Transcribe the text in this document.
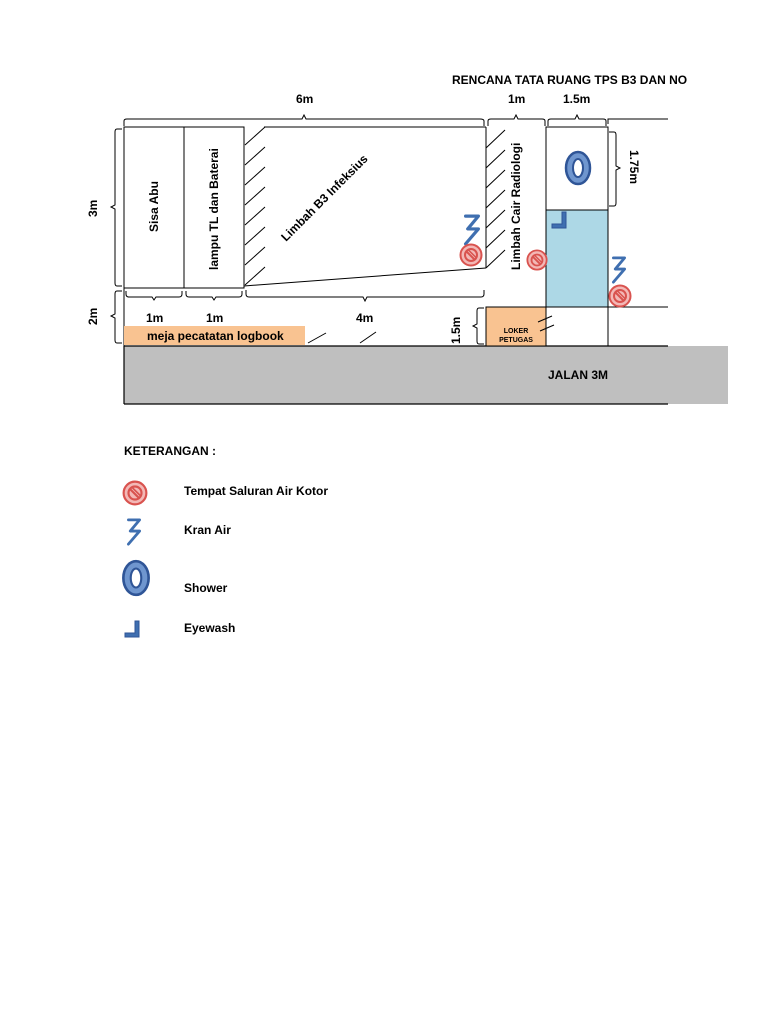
RENCANA TATA RUANG TPS B3 DAN NO
JALAN 3M
Sisa Abu	lampu TL dan Baterai	Limbah B3 Infeksius	Limbah Cair Radiologi
meja pecatatan logbook	LOKER
PETUGAS
6m	1m	1.5m
1.75m
3m
2m	1m	1m	4m	1.5m
KETERANGAN :
Tempat Saluran Air Kotor
Kran Air
Shower
Eyewash
